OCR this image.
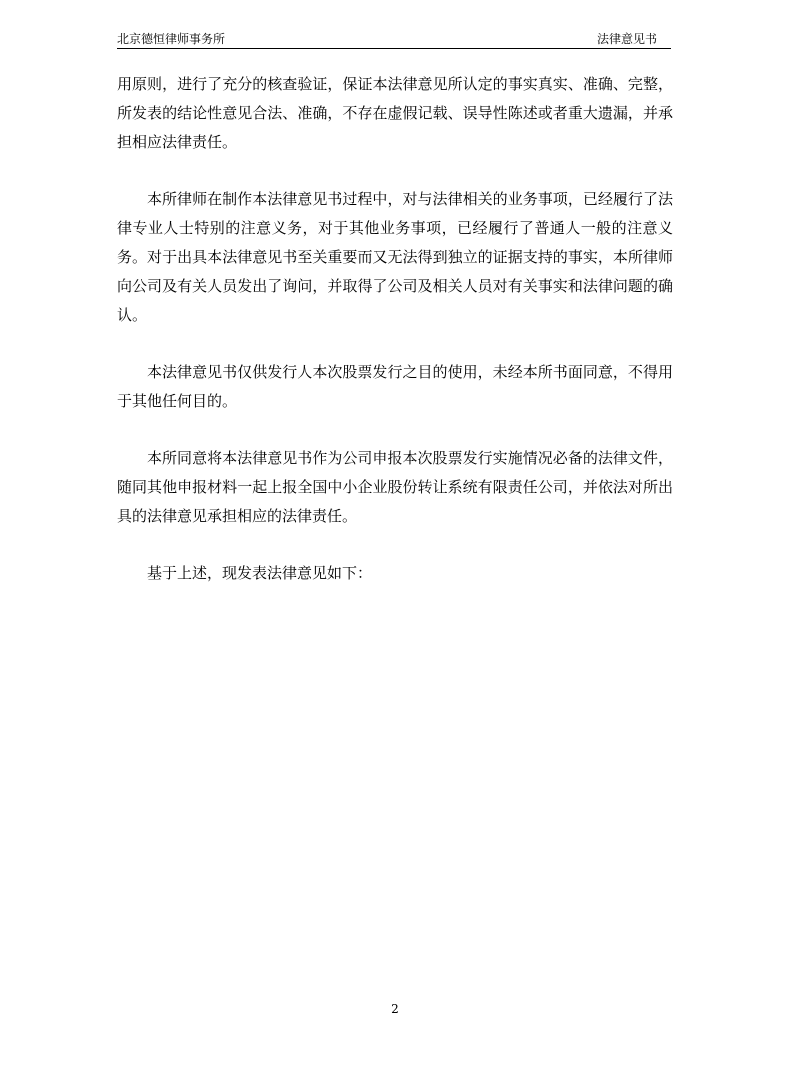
北京德恒律师事务所	法律意见书

用原则，进行了充分的核查验证，保证本法律意见所认定的事实真实、准确、完整，所发表的结论性意见合法、准确，不存在虚假记载、误导性陈述或者重大遗漏，并承担相应法律责任。

本所律师在制作本法律意见书过程中，对与法律相关的业务事项，已经履行了法律专业人士特别的注意义务，对于其他业务事项，已经履行了普通人一般的注意义务。对于出具本法律意见书至关重要而又无法得到独立的证据支持的事实，本所律师向公司及有关人员发出了询问，并取得了公司及相关人员对有关事实和法律问题的确认。

本法律意见书仅供发行人本次股票发行之目的使用，未经本所书面同意，不得用于其他任何目的。

本所同意将本法律意见书作为公司申报本次股票发行实施情况必备的法律文件，随同其他申报材料一起上报全国中小企业股份转让系统有限责任公司，并依法对所出具的法律意见承担相应的法律责任。

基于上述，现发表法律意见如下：

2
